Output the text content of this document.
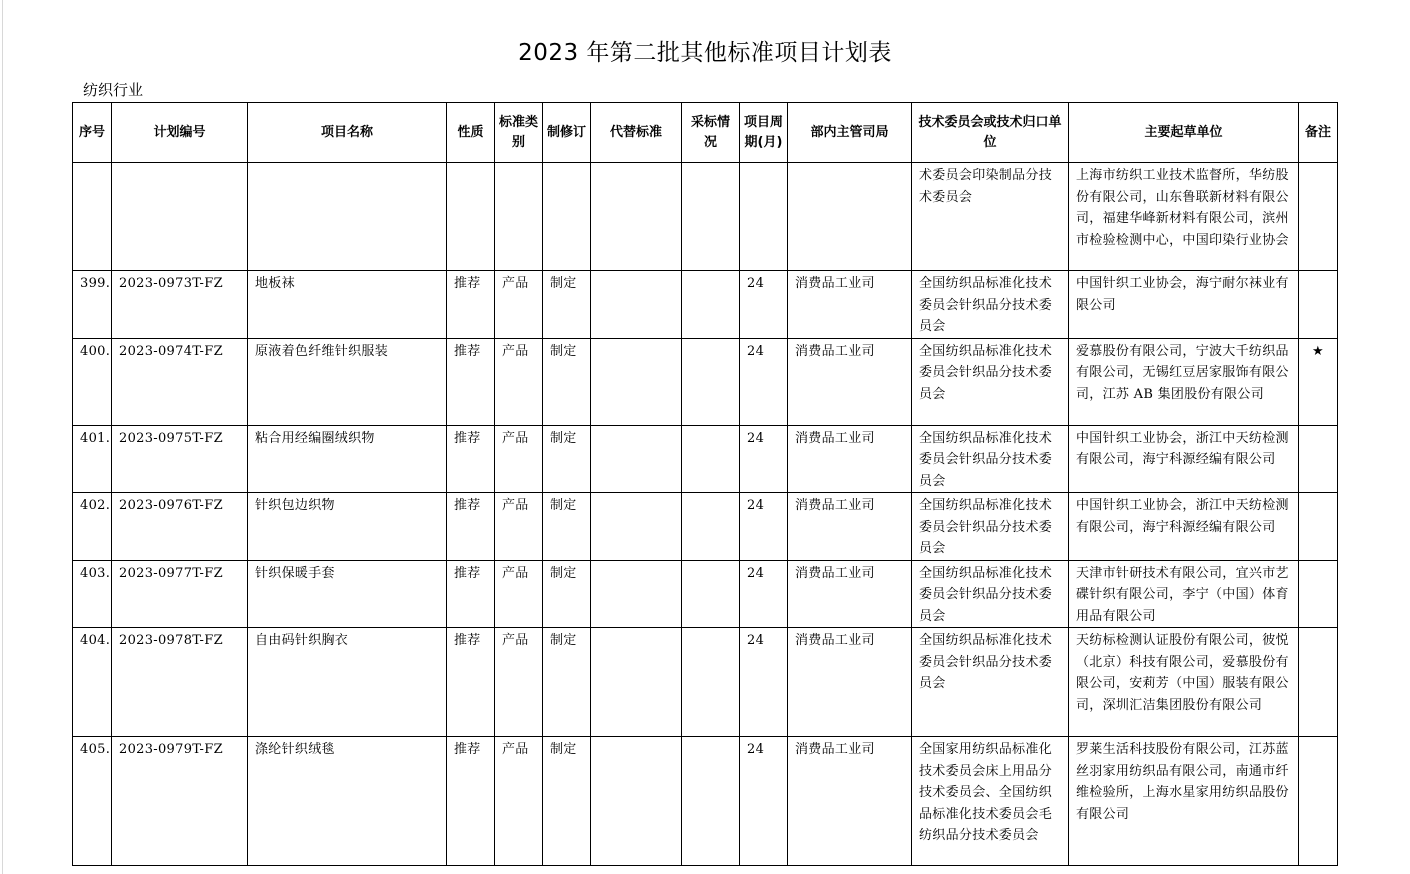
2023 年第二批其他标准项目计划表
纺织行业
序号	计划编号	项目名称	性质	标准类别	制修订	代替标准	采标情况	项目周期(月)	部内主管司局	技术委员会或技术归口单位	主要起草单位	备注
										术委员会印染制品分技术委员会	上海市纺织工业技术监督所，华纺股份有限公司，山东鲁联新材料有限公司，福建华峰新材料有限公司，滨州市检验检测中心，中国印染行业协会	
399.	2023-0973T-FZ	地板袜	推荐	产品	制定			24	消费品工业司	全国纺织品标准化技术委员会针织品分技术委员会	中国针织工业协会，海宁耐尔袜业有限公司	
400.	2023-0974T-FZ	原液着色纤维针织服装	推荐	产品	制定			24	消费品工业司	全国纺织品标准化技术委员会针织品分技术委员会	爱慕股份有限公司，宁波大千纺织品有限公司，无锡红豆居家服饰有限公司，江苏 AB 集团股份有限公司	★
401.	2023-0975T-FZ	粘合用经编圈绒织物	推荐	产品	制定			24	消费品工业司	全国纺织品标准化技术委员会针织品分技术委员会	中国针织工业协会，浙江中天纺检测有限公司，海宁科源经编有限公司	
402.	2023-0976T-FZ	针织包边织物	推荐	产品	制定			24	消费品工业司	全国纺织品标准化技术委员会针织品分技术委员会	中国针织工业协会，浙江中天纺检测有限公司，海宁科源经编有限公司	
403.	2023-0977T-FZ	针织保暖手套	推荐	产品	制定			24	消费品工业司	全国纺织品标准化技术委员会针织品分技术委员会	天津市针研技术有限公司，宜兴市艺碟针织有限公司，李宁（中国）体育用品有限公司	
404.	2023-0978T-FZ	自由码针织胸衣	推荐	产品	制定			24	消费品工业司	全国纺织品标准化技术委员会针织品分技术委员会	天纺标检测认证股份有限公司，彼悦（北京）科技有限公司，爱慕股份有限公司，安莉芳（中国）服装有限公司，深圳汇洁集团股份有限公司	
405.	2023-0979T-FZ	涤纶针织绒毯	推荐	产品	制定			24	消费品工业司	全国家用纺织品标准化技术委员会床上用品分技术委员会、全国纺织品标准化技术委员会毛纺织品分技术委员会	罗莱生活科技股份有限公司，江苏蓝丝羽家用纺织品有限公司，南通市纤维检验所，上海水星家用纺织品股份有限公司	
